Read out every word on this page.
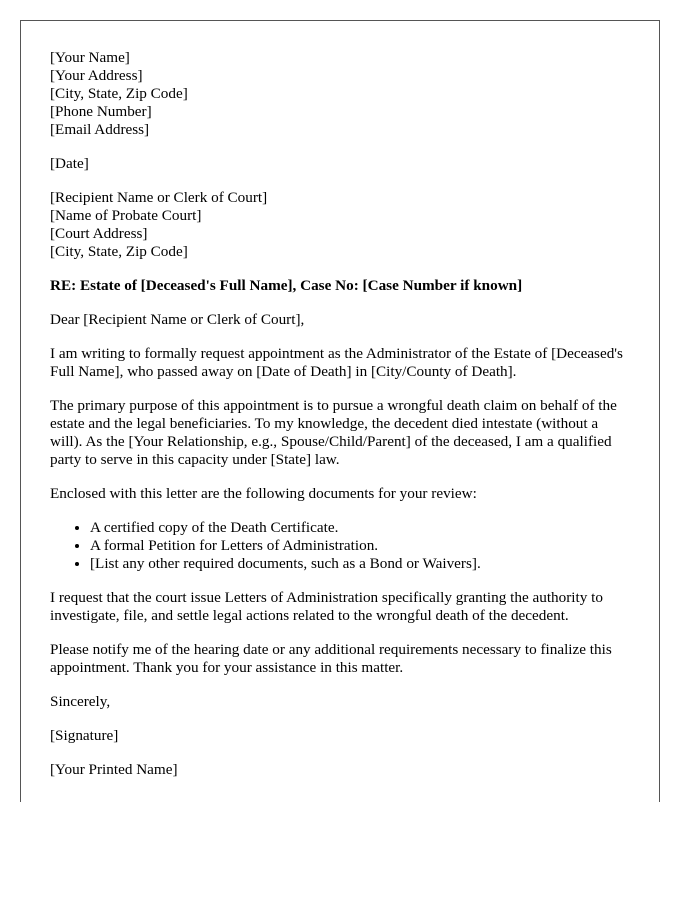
[Your Name]
[Your Address]
[City, State, Zip Code]
[Phone Number]
[Email Address]

[Date]

[Recipient Name or Clerk of Court]
[Name of Probate Court]
[Court Address]
[City, State, Zip Code]

RE: Estate of [Deceased's Full Name], Case No: [Case Number if known]

Dear [Recipient Name or Clerk of Court],

I am writing to formally request appointment as the Administrator of the Estate of [Deceased's Full Name], who passed away on [Date of Death] in [City/County of Death].

The primary purpose of this appointment is to pursue a wrongful death claim on behalf of the estate and the legal beneficiaries. To my knowledge, the decedent died intestate (without a will). As the [Your Relationship, e.g., Spouse/Child/Parent] of the deceased, I am a qualified party to serve in this capacity under [State] law.

Enclosed with this letter are the following documents for your review:

• A certified copy of the Death Certificate.
• A formal Petition for Letters of Administration.
• [List any other required documents, such as a Bond or Waivers].

I request that the court issue Letters of Administration specifically granting the authority to investigate, file, and settle legal actions related to the wrongful death of the decedent.

Please notify me of the hearing date or any additional requirements necessary to finalize this appointment. Thank you for your assistance in this matter.

Sincerely,

[Signature]

[Your Printed Name]
